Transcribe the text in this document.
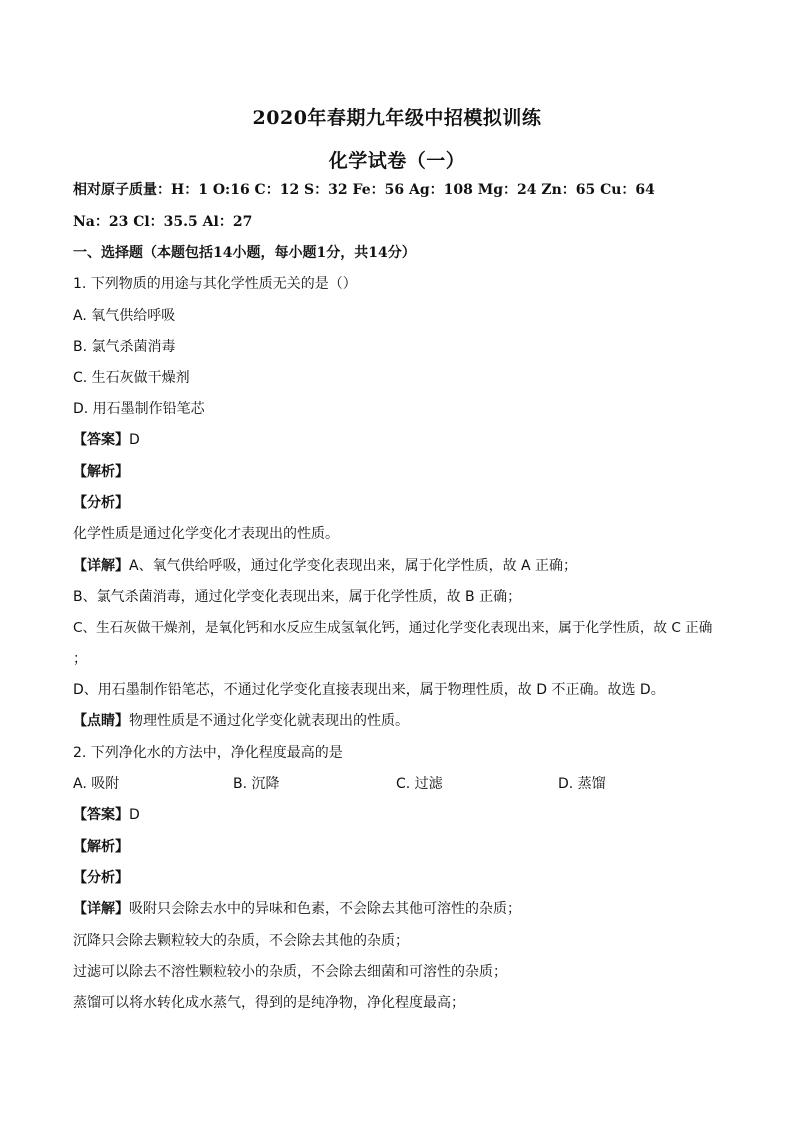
2020年春期九年级中招模拟训练
化学试卷（一）
相对原子质量：H：1 O:16 C：12 S：32 Fe：56 Ag：108 Mg：24 Zn：65 Cu：64
Na：23 Cl：35.5 Al：27
一、选择题（本题包括14小题，每小题1分，共14分）
1. 下列物质的用途与其化学性质无关的是（）
A. 氧气供给呼吸
B. 氯气杀菌消毒
C. 生石灰做干燥剂
D. 用石墨制作铅笔芯
【答案】D
【解析】
【分析】
化学性质是通过化学变化才表现出的性质。
【详解】A、氧气供给呼吸，通过化学变化表现出来，属于化学性质，故 A 正确；
B、氯气杀菌消毒，通过化学变化表现出来，属于化学性质，故 B 正确；
C、生石灰做干燥剂，是氧化钙和水反应生成氢氧化钙，通过化学变化表现出来，属于化学性质，故 C 正确
；
D、用石墨制作铅笔芯，不通过化学变化直接表现出来，属于物理性质，故 D 不正确。故选 D。
【点睛】物理性质是不通过化学变化就表现出的性质。
2. 下列净化水的方法中，净化程度最高的是
A. 吸附	B. 沉降	C. 过滤	D. 蒸馏
【答案】D
【解析】
【分析】
【详解】吸附只会除去水中的异味和色素，不会除去其他可溶性的杂质；
沉降只会除去颗粒较大的杂质，不会除去其他的杂质；
过滤可以除去不溶性颗粒较小的杂质，不会除去细菌和可溶性的杂质；
蒸馏可以将水转化成水蒸气，得到的是纯净物，净化程度最高；
